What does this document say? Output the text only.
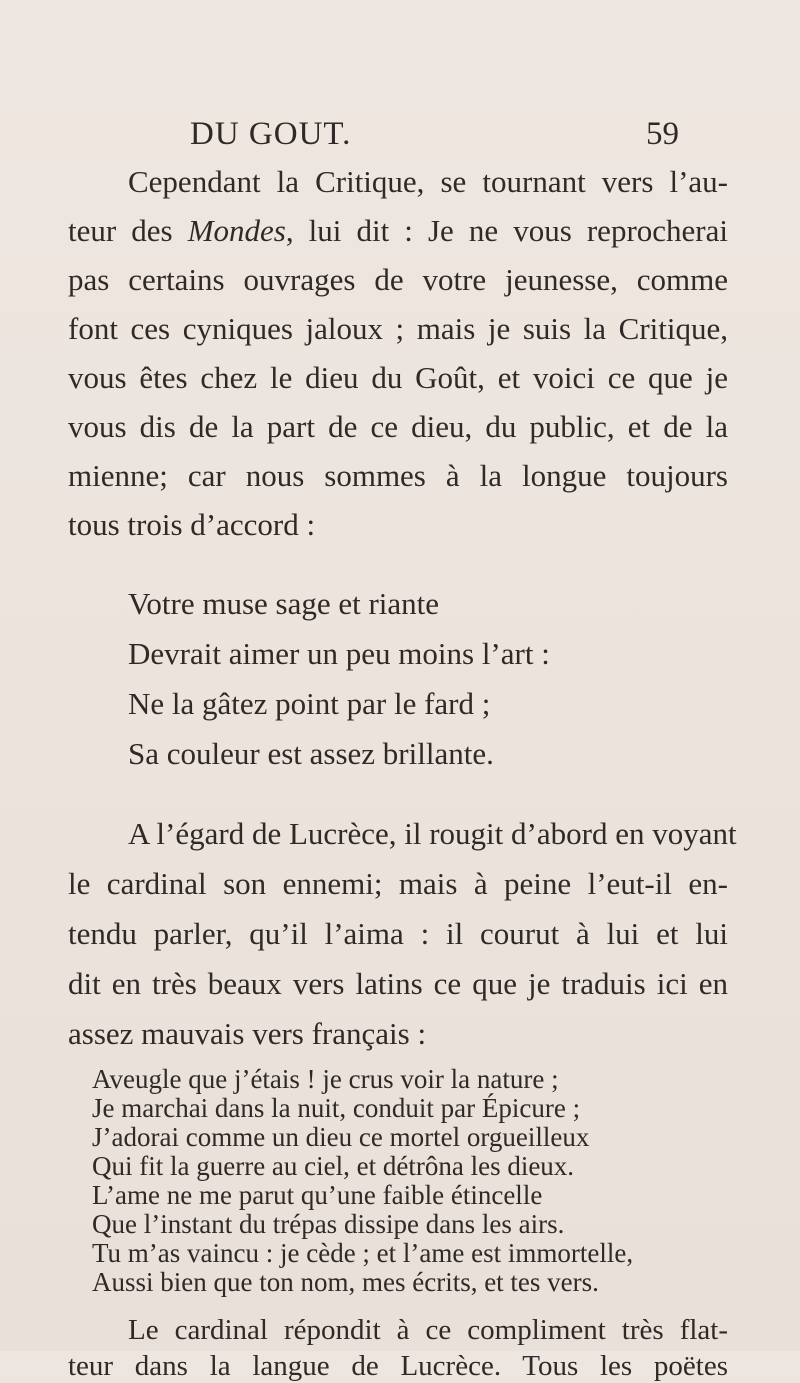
DU GOUT.	59
Cependant la Critique, se tournant vers l’au-
teur des Mondes, lui dit : Je ne vous reprocherai
pas certains ouvrages de votre jeunesse, comme
font ces cyniques jaloux ; mais je suis la Critique,
vous êtes chez le dieu du Goût, et voici ce que je
vous dis de la part de ce dieu, du public, et de la
mienne; car nous sommes à la longue toujours
tous trois d’accord :
Votre muse sage et riante
Devrait aimer un peu moins l’art :
Ne la gâtez point par le fard ;
Sa couleur est assez brillante.
A l’égard de Lucrèce, il rougit d’abord en voyant
le cardinal son ennemi; mais à peine l’eut-il en-
tendu parler, qu’il l’aima : il courut à lui et lui
dit en très beaux vers latins ce que je traduis ici en
assez mauvais vers français :
Aveugle que j’étais ! je crus voir la nature ;
Je marchai dans la nuit, conduit par Épicure ;
J’adorai comme un dieu ce mortel orgueilleux
Qui fit la guerre au ciel, et détrôna les dieux.
L’ame ne me parut qu’une faible étincelle
Que l’instant du trépas dissipe dans les airs.
Tu m’as vaincu : je cède ; et l’ame est immortelle,
Aussi bien que ton nom, mes écrits, et tes vers.
Le cardinal répondit à ce compliment très flat-
teur dans la langue de Lucrèce. Tous les poëtes
